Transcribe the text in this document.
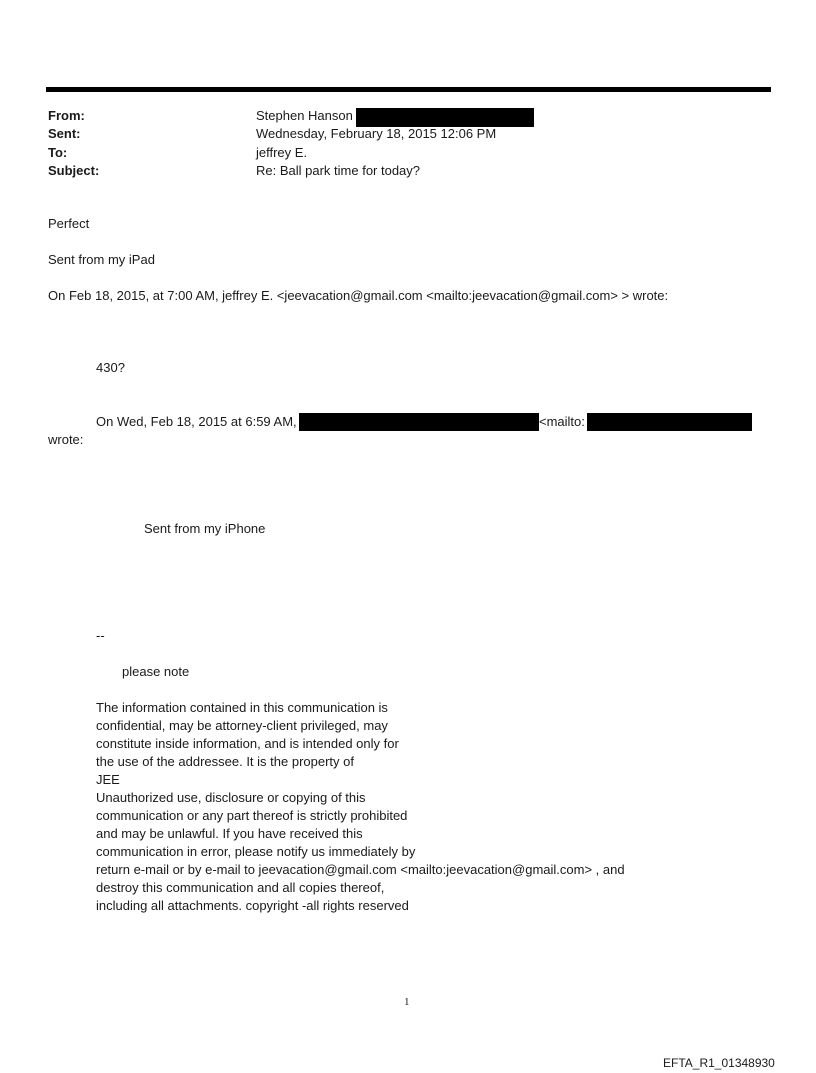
From:	Stephen Hanson
Sent:	Wednesday, February 18, 2015 12:06 PM
To:	jeffrey E.
Subject:	Re: Ball park time for today?
Perfect
Sent from my iPad
On Feb 18, 2015, at 7:00 AM, jeffrey E. <jeevacation@gmail.com <mailto:jeevacation@gmail.com> > wrote:
430?
On Wed, Feb 18, 2015 at 6:59 AM,	<mailto:
wrote:
Sent from my iPhone
--
please note
The information contained in this communication is
confidential, may be attorney-client privileged, may
constitute inside information, and is intended only for
the use of the addressee. It is the property of
JEE
Unauthorized use, disclosure or copying of this
communication or any part thereof is strictly prohibited
and may be unlawful. If you have received this
communication in error, please notify us immediately by
return e-mail or by e-mail to jeevacation@gmail.com <mailto:jeevacation@gmail.com> , and
destroy this communication and all copies thereof,
including all attachments. copyright -all rights reserved
1
EFTA_R1_01348930
